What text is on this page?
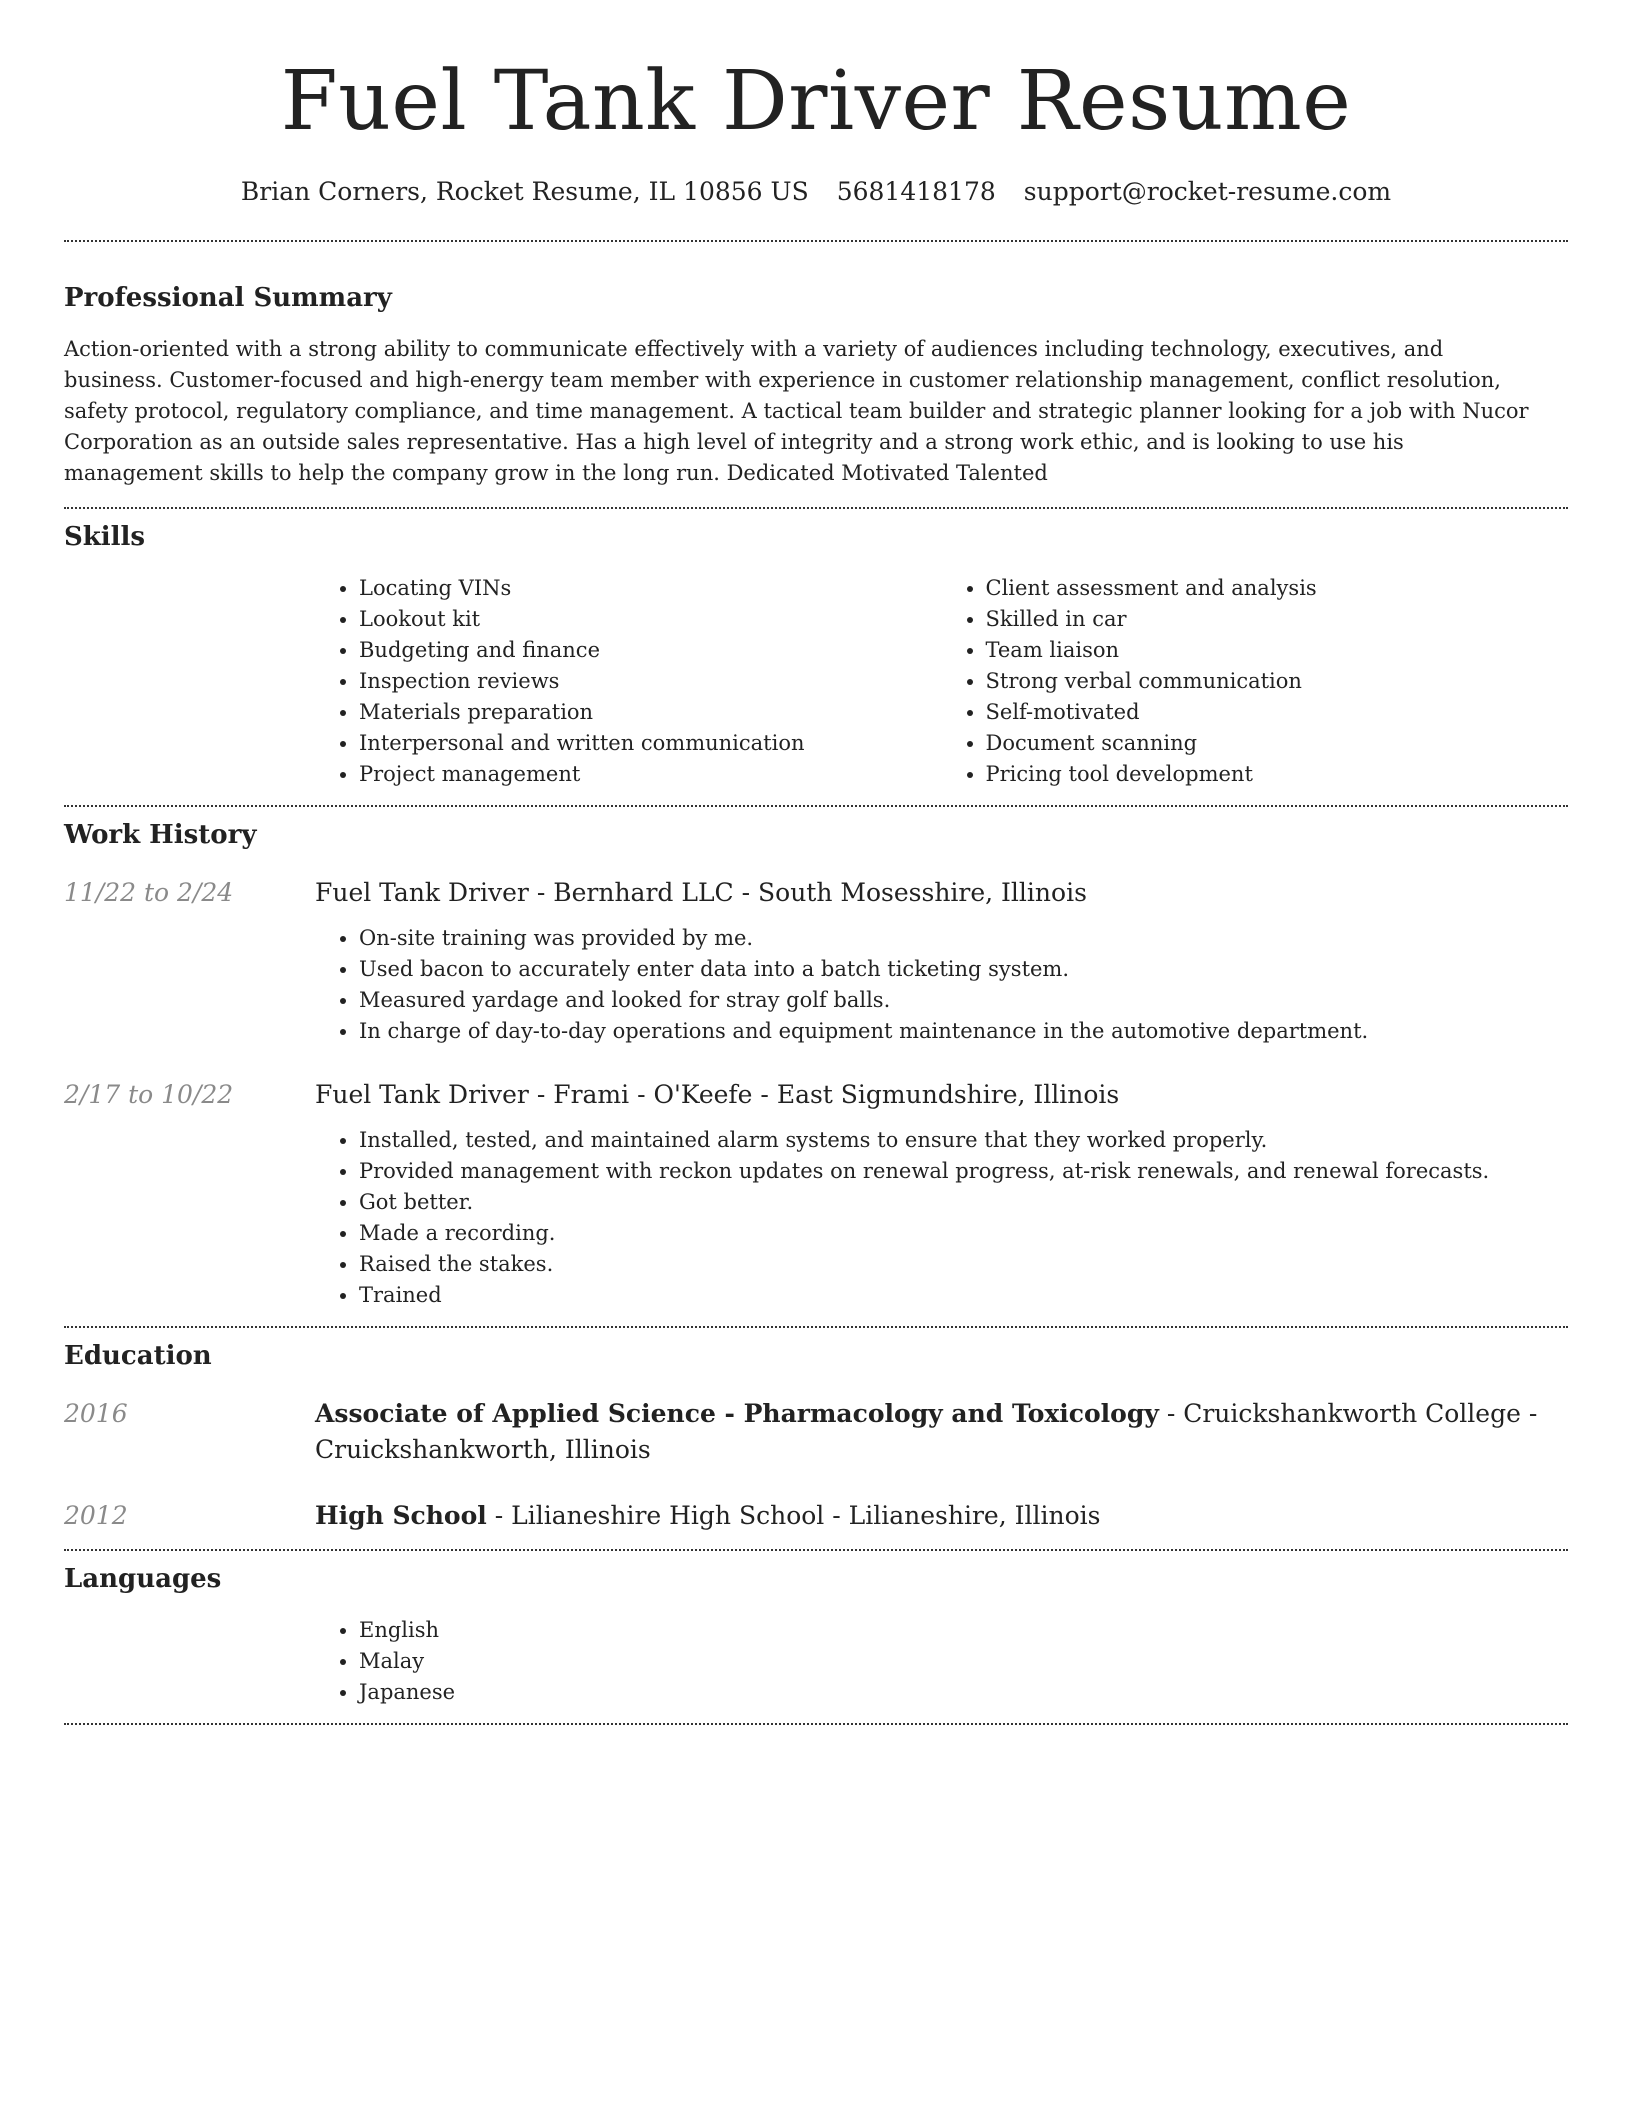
Fuel Tank Driver Resume
Brian Corners, Rocket Resume, IL 10856 US 5681418178 support@rocket-resume.com
Professional Summary

Action-oriented with a strong ability to communicate effectively with a variety of audiences including technology, executives, and business. Customer-focused and high-energy team member with experience in customer relationship management, conflict resolution, safety protocol, regulatory compliance, and time management. A tactical team builder and strategic planner looking for a job with Nucor Corporation as an outside sales representative. Has a high level of integrity and a strong work ethic, and is looking to use his management skills to help the company grow in the long run. Dedicated Motivated Talented

Skills
• Locating VINs
• Lookout kit
• Budgeting and finance
• Inspection reviews
• Materials preparation
• Interpersonal and written communication
• Project management
• Client assessment and analysis
• Skilled in car
• Team liaison
• Strong verbal communication
• Self-motivated
• Document scanning
• Pricing tool development
Work History
11/22 to 2/24	Fuel Tank Driver - Bernhard LLC - South Mosesshire, Illinois
• On-site training was provided by me.
• Used bacon to accurately enter data into a batch ticketing system.
• Measured yardage and looked for stray golf balls.
• In charge of day-to-day operations and equipment maintenance in the automotive department.
2/17 to 10/22	Fuel Tank Driver - Frami - O'Keefe - East Sigmundshire, Illinois
• Installed, tested, and maintained alarm systems to ensure that they worked properly.
• Provided management with reckon updates on renewal progress, at-risk renewals, and renewal forecasts.
• Got better.
• Made a recording.
• Raised the stakes.
• Trained
Education
2016	Associate of Applied Science - Pharmacology and Toxicology - Cruickshankworth College - Cruickshankworth, Illinois
2012	High School - Lilianeshire High School - Lilianeshire, Illinois
Languages
• English
• Malay
• Japanese
